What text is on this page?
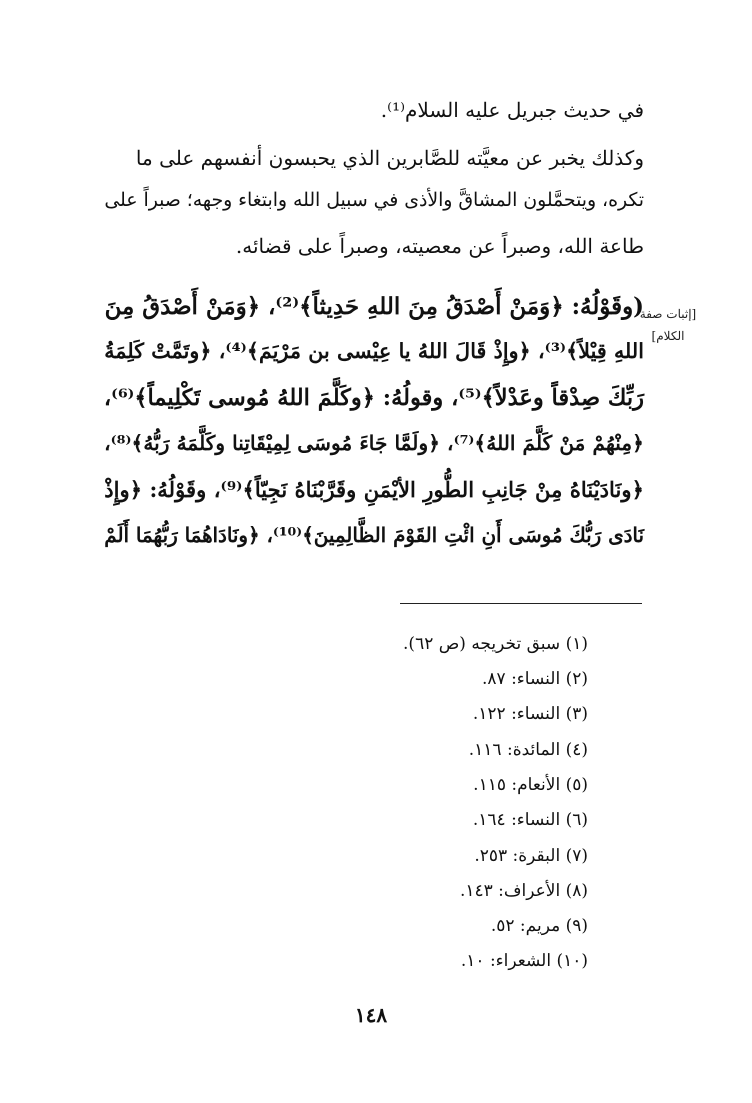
في حديث جبريل عليه السلام⁽¹⁾.
وكذلك يخبر عن معيَّته للصَّابرين الذي يحبسون أنفسهم على ما
تكره، ويتحمَّلون المشاقَّ والأذى في سبيل الله وابتغاء وجهه؛ صبراً على
طاعة الله، وصبراً عن معصيته، وصبراً على قضائه.
[إثبات صفة
الكلام]
(وقَوْلُهُ: ﴿وَمَنْ أَصْدَقُ مِنَ اللهِ حَدِيثاً﴾⁽²⁾، ﴿وَمَنْ أَصْدَقُ مِنَ
اللهِ قِيْلاً﴾⁽³⁾، ﴿وإِذْ قَالَ اللهُ يا عِيْسى بن مَرْيَمَ﴾⁽⁴⁾، ﴿وتَمَّتْ كَلِمَةُ
رَبِّكَ صِدْقاً وعَدْلاً﴾⁽⁵⁾، وقولُهُ: ﴿وكَلَّمَ اللهُ مُوسى تَكْلِيماً﴾⁽⁶⁾،
﴿مِنْهُمْ مَنْ كَلَّمَ اللهُ﴾⁽⁷⁾، ﴿ولَمَّا جَاءَ مُوسَى لِمِيْقَاتِنا وكَلَّمَهُ رَبُّهُ﴾⁽⁸⁾،
﴿ونَادَيْنَاهُ مِنْ جَانِبِ الطُّورِ الأيْمَنِ وقَرَّبْنَاهُ نَجِيّاً﴾⁽⁹⁾، وقَوْلُهُ: ﴿وإِذْ
نَادَى رَبُّكَ مُوسَى أَنِ ائْتِ القَوْمَ الظَّالِمِينَ﴾⁽¹⁰⁾، ﴿ونَادَاهُمَا رَبُّهُمَا أَلَمْ
(١) سبق تخريجه (ص ٦٢).
(٢) النساء: ٨٧.
(٣) النساء: ١٢٢.
(٤) المائدة: ١١٦.
(٥) الأنعام: ١١٥.
(٦) النساء: ١٦٤.
(٧) البقرة: ٢٥٣.
(٨) الأعراف: ١٤٣.
(٩) مريم: ٥٢.
(١٠) الشعراء: ١٠.
١٤٨
